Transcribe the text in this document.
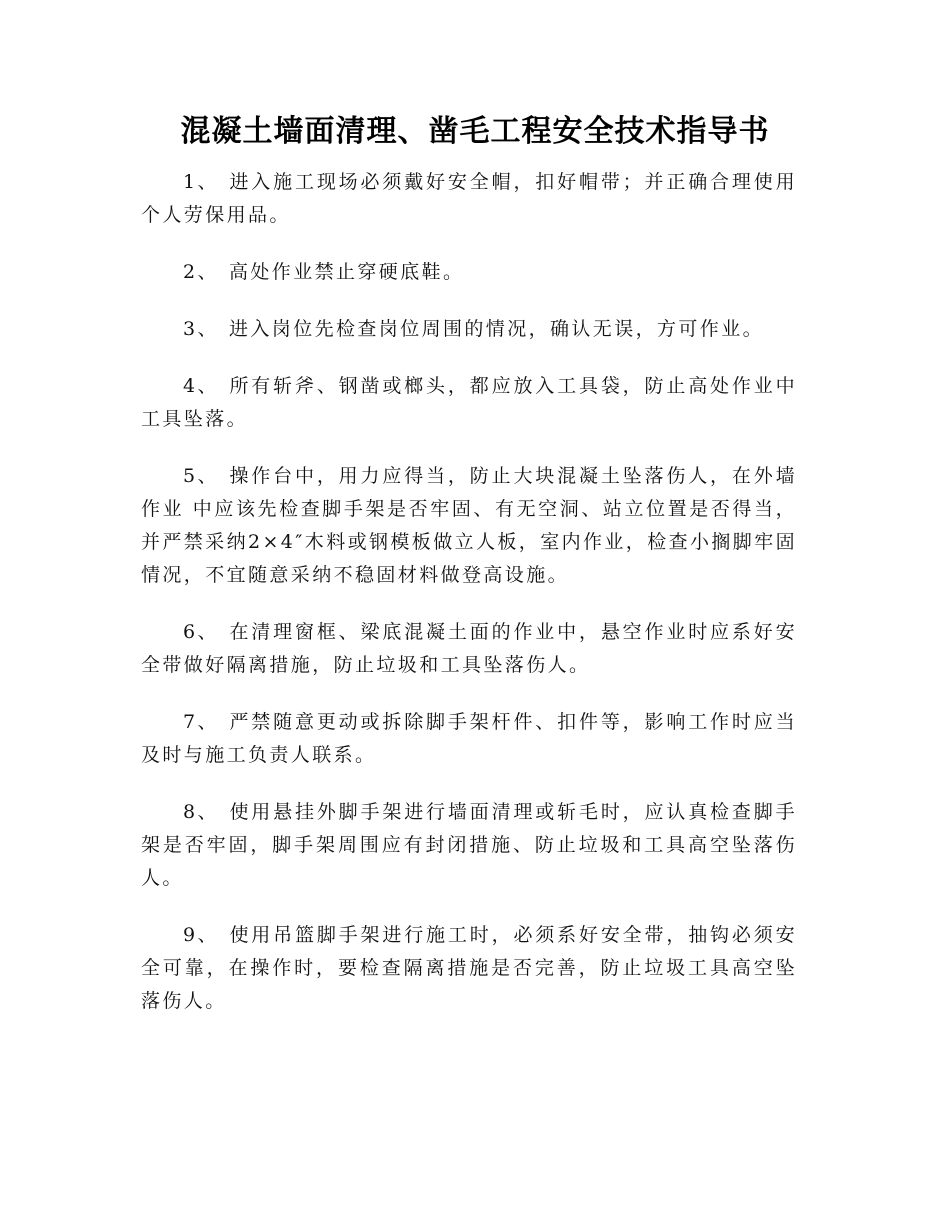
混凝土墙面清理、凿毛工程安全技术指导书

1、 进入施工现场必须戴好安全帽，扣好帽带；并正确合理使用个人劳保用品。

2、 高处作业禁止穿硬底鞋。

3、 进入岗位先检查岗位周围的情况，确认无误，方可作业。

4、 所有斩斧、钢凿或榔头，都应放入工具袋，防止高处作业中工具坠落。

5、 操作台中，用力应得当，防止大块混凝土坠落伤人，在外墙作业 中应该先检查脚手架是否牢固、有无空洞、站立位置是否得当，并严禁采纳2×4″木料或钢模板做立人板，室内作业，检查小搁脚牢固情况，不宜随意采纳不稳固材料做登高设施。

6、 在清理窗框、梁底混凝土面的作业中，悬空作业时应系好安全带做好隔离措施，防止垃圾和工具坠落伤人。

7、 严禁随意更动或拆除脚手架杆件、扣件等，影响工作时应当及时与施工负责人联系。

8、 使用悬挂外脚手架进行墙面清理或斩毛时，应认真检查脚手架是否牢固，脚手架周围应有封闭措施、防止垃圾和工具高空坠落伤人。

9、 使用吊篮脚手架进行施工时，必须系好安全带，抽钩必须安全可靠，在操作时，要检查隔离措施是否完善，防止垃圾工具高空坠落伤人。
